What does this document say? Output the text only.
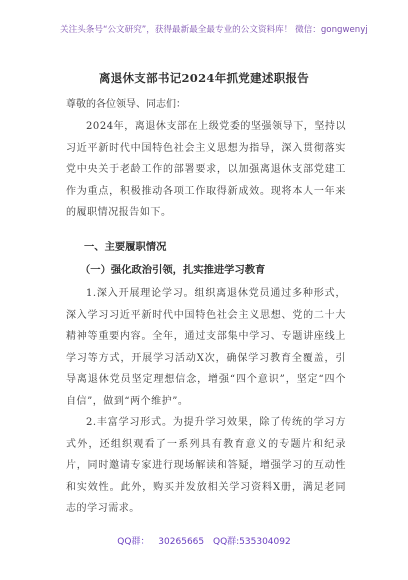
关注头条号“公文研究”，获得最新最全最专业的公文资料库！ 微信：gongwenyj
离退休支部书记2024年抓党建述职报告
尊敬的各位领导、同志们：

2024年，离退休支部在上级党委的坚强领导下，坚持以习近平新时代中国特色社会主义思想为指导，深入贯彻落实党中央关于老龄工作的部署要求，以加强离退休支部党建工作为重点，积极推动各项工作取得新成效。现将本人一年来的履职情况报告如下。

一、主要履职情况
（一）强化政治引领，扎实推进学习教育

1.深入开展理论学习。组织离退休党员通过多种形式，深入学习习近平新时代中国特色社会主义思想、党的二十大精神等重要内容。全年，通过支部集中学习、专题讲座线上学习等方式，开展学习活动X次，确保学习教育全覆盖，引导离退休党员坚定理想信念，增强“四个意识”，坚定“四个自信”，做到“两个维护”。

2.丰富学习形式。为提升学习效果，除了传统的学习方式外，还组织观看了一系列具有教育意义的专题片和纪录片，同时邀请专家进行现场解读和答疑，增强学习的互动性和实效性。此外，购买并发放相关学习资料X册，满足老同志的学习需求。

QQ群： 30265665 QQ群:535304092
